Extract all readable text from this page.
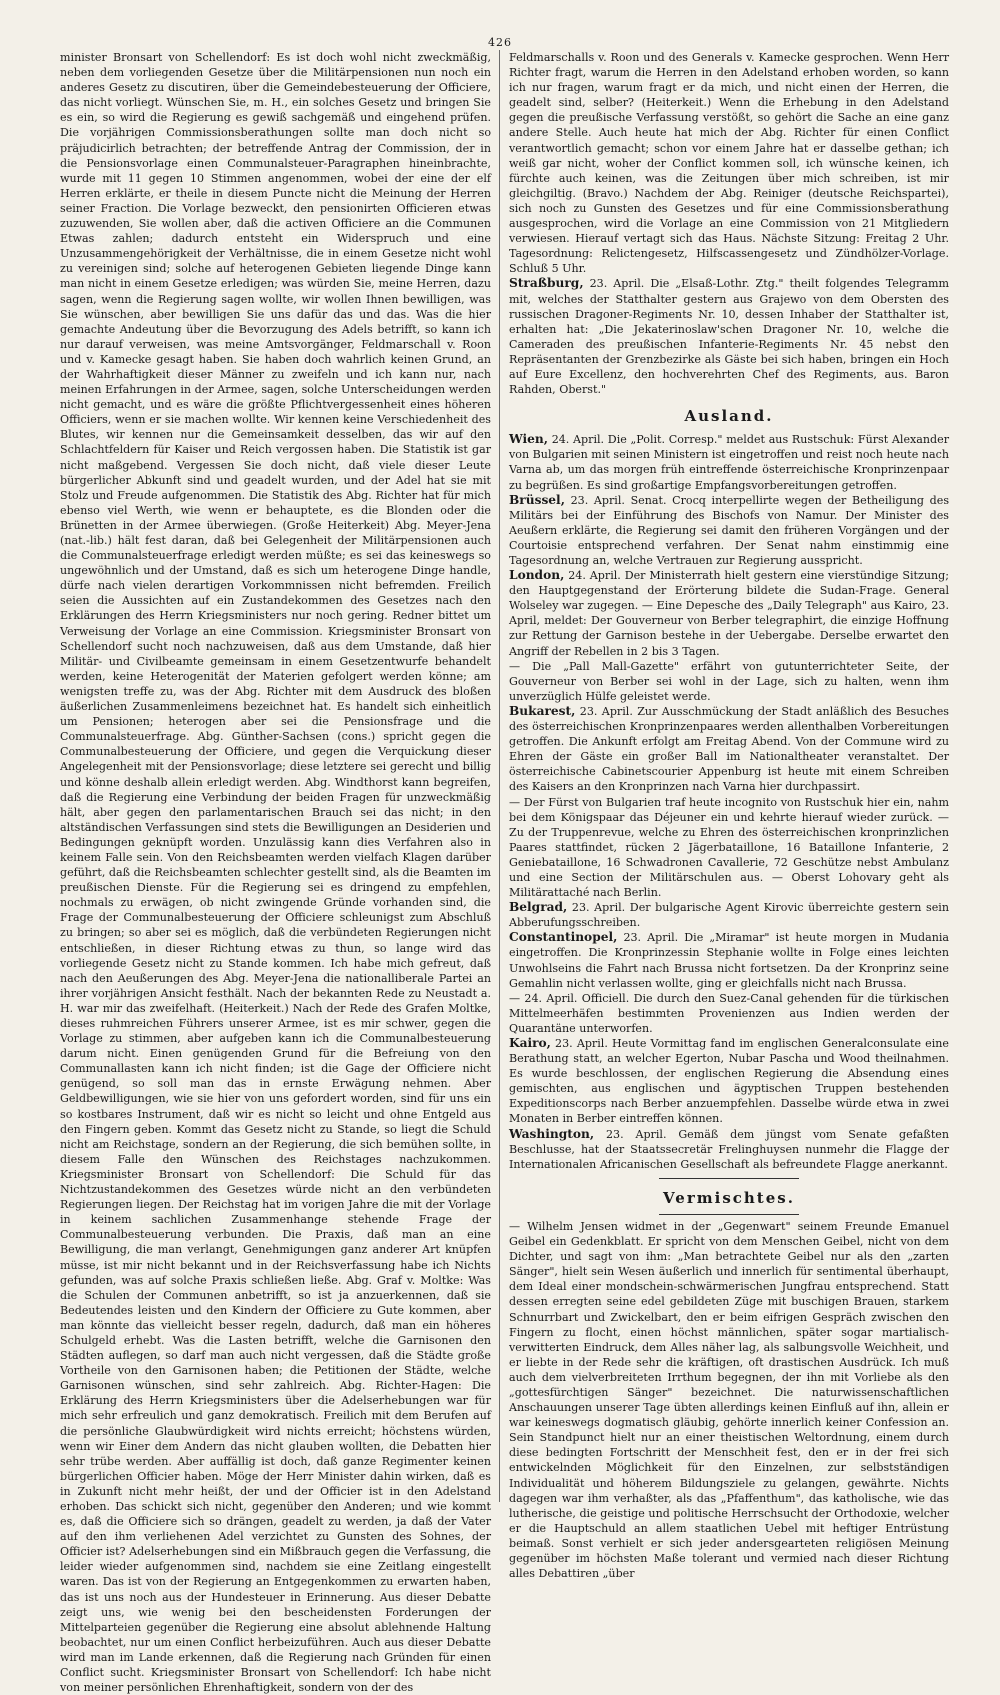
426

minister Bronsart von Schellendorf: Es ist doch wohl nicht zweckmäßig, neben dem vorliegenden Gesetze über die Militärpensionen nun noch ein anderes Gesetz zu discutiren, über die Gemeindebesteuerung der Officiere, das nicht vorliegt. Wünschen Sie, m. H., ein solches Gesetz und bringen Sie es ein, so wird die Regierung es gewiß sachgemäß und eingehend prüfen. Die vorjährigen Commissionsberathungen sollte man doch nicht so präjudicirlich betrachten; der betreffende Antrag der Commission, der in die Pensionsvorlage einen Communalsteuer-Paragraphen hineinbrachte, wurde mit 11 gegen 10 Stimmen angenommen, wobei der eine der elf Herren erklärte, er theile in diesem Puncte nicht die Meinung der Herren seiner Fraction. Die Vorlage bezweckt, den pensionirten Officieren etwas zuzuwenden, Sie wollen aber, daß die activen Officiere an die Communen Etwas zahlen; dadurch entsteht ein Widerspruch und eine Unzusammengehörigkeit der Verhältnisse, die in einem Gesetze nicht wohl zu vereinigen sind; solche auf heterogenen Gebieten liegende Dinge kann man nicht in einem Gesetze erledigen; was würden Sie, meine Herren, dazu sagen, wenn die Regierung sagen wollte, wir wollen Ihnen bewilligen, was Sie wünschen, aber bewilligen Sie uns dafür das und das. Was die hier gemachte Andeutung über die Bevorzugung des Adels betrifft, so kann ich nur darauf verweisen, was meine Amtsvorgänger, Feldmarschall v. Roon und v. Kamecke gesagt haben. Sie haben doch wahrlich keinen Grund, an der Wahrhaftigkeit dieser Männer zu zweifeln und ich kann nur, nach meinen Erfahrungen in der Armee, sagen, solche Unterscheidungen werden nicht gemacht, und es wäre die größte Pflichtvergessenheit eines höheren Officiers, wenn er sie machen wollte. Wir kennen keine Verschiedenheit des Blutes, wir kennen nur die Gemeinsamkeit desselben, das wir auf den Schlachtfeldern für Kaiser und Reich vergossen haben. Die Statistik ist gar nicht maßgebend. Vergessen Sie doch nicht, daß viele dieser Leute bürgerlicher Abkunft sind und geadelt wurden, und der Adel hat sie mit Stolz und Freude aufgenommen. Die Statistik des Abg. Richter hat für mich ebenso viel Werth, wie wenn er behauptete, es die Blonden oder die Brünetten in der Armee überwiegen. (Große Heiterkeit) Abg. Meyer-Jena (nat.-lib.) hält fest daran, daß bei Gelegenheit der Militärpensionen auch die Communalsteuerfrage erledigt werden müßte; es sei das keineswegs so ungewöhnlich und der Umstand, daß es sich um heterogene Dinge handle, dürfe nach vielen derartigen Vorkommnissen nicht befremden. Freilich seien die Aussichten auf ein Zustandekommen des Gesetzes nach den Erklärungen des Herrn Kriegsministers nur noch gering. Redner bittet um Verweisung der Vorlage an eine Commission. Kriegsminister Bronsart von Schellendorf sucht noch nachzuweisen, daß aus dem Umstande, daß hier Militär- und Civilbeamte gemeinsam in einem Gesetzentwurfe behandelt werden, keine Heterogenität der Materien gefolgert werden könne; am wenigsten treffe zu, was der Abg. Richter mit dem Ausdruck des bloßen äußerlichen Zusammenleimens bezeichnet hat. Es handelt sich einheitlich um Pensionen; heterogen aber sei die Pensionsfrage und die Communalsteuerfrage. Abg. Günther-Sachsen (cons.) spricht gegen die Communalbesteuerung der Officiere, und gegen die Verquickung dieser Angelegenheit mit der Pensionsvorlage; diese letztere sei gerecht und billig und könne deshalb allein erledigt werden. Abg. Windthorst kann begreifen, daß die Regierung eine Verbindung der beiden Fragen für unzweckmäßig hält, aber gegen den parlamentarischen Brauch sei das nicht; in den altständischen Verfassungen sind stets die Bewilligungen an Desiderien und Bedingungen geknüpft worden. Unzulässig kann dies Verfahren also in keinem Falle sein. Von den Reichsbeamten werden vielfach Klagen darüber geführt, daß die Reichsbeamten schlechter gestellt sind, als die Beamten im preußischen Dienste. Für die Regierung sei es dringend zu empfehlen, nochmals zu erwägen, ob nicht zwingende Gründe vorhanden sind, die Frage der Communalbesteuerung der Officiere schleunigst zum Abschluß zu bringen; so aber sei es möglich, daß die verbündeten Regierungen nicht entschließen, in dieser Richtung etwas zu thun, so lange wird das vorliegende Gesetz nicht zu Stande kommen. Ich habe mich gefreut, daß nach den Aeußerungen des Abg. Meyer-Jena die nationalliberale Partei an ihrer vorjährigen Ansicht festhält. Nach der bekannten Rede zu Neustadt a. H. war mir das zweifelhaft. (Heiterkeit.) Nach der Rede des Grafen Moltke, dieses ruhmreichen Führers unserer Armee, ist es mir schwer, gegen die Vorlage zu stimmen, aber aufgeben kann ich die Communalbesteuerung darum nicht. Einen genügenden Grund für die Befreiung von den Communallasten kann ich nicht finden; ist die Gage der Officiere nicht genügend, so soll man das in ernste Erwägung nehmen. Aber Geldbewilligungen, wie sie hier von uns gefordert worden, sind für uns ein so kostbares Instrument, daß wir es nicht so leicht und ohne Entgeld aus den Fingern geben. Kommt das Gesetz nicht zu Stande, so liegt die Schuld nicht am Reichstage, sondern an der Regierung, die sich bemühen sollte, in diesem Falle den Wünschen des Reichstages nachzukommen. Kriegsminister Bronsart von Schellendorf: Die Schuld für das Nichtzustandekommen des Gesetzes würde nicht an den verbündeten Regierungen liegen. Der Reichstag hat im vorigen Jahre die mit der Vorlage in keinem sachlichen Zusammenhange stehende Frage der Communalbesteuerung verbunden. Die Praxis, daß man an eine Bewilligung, die man verlangt, Genehmigungen ganz anderer Art knüpfen müsse, ist mir nicht bekannt und in der Reichsverfassung habe ich Nichts gefunden, was auf solche Praxis schließen ließe. Abg. Graf v. Moltke: Was die Schulen der Communen anbetrifft, so ist ja anzuerkennen, daß sie Bedeutendes leisten und den Kindern der Officiere zu Gute kommen, aber man könnte das vielleicht besser regeln, dadurch, daß man ein höheres Schulgeld erhebt. Was die Lasten betrifft, welche die Garnisonen den Städten auflegen, so darf man auch nicht vergessen, daß die Städte große Vortheile von den Garnisonen haben; die Petitionen der Städte, welche Garnisonen wünschen, sind sehr zahlreich. Abg. Richter-Hagen: Die Erklärung des Herrn Kriegsministers über die Adelserhebungen war für mich sehr erfreulich und ganz demokratisch. Freilich mit dem Berufen auf die persönliche Glaubwürdigkeit wird nichts erreicht; höchstens würden, wenn wir Einer dem Andern das nicht glauben wollten, die Debatten hier sehr trübe werden. Aber auffällig ist doch, daß ganze Regimenter keinen bürgerlichen Officier haben. Möge der Herr Minister dahin wirken, daß es in Zukunft nicht mehr heißt, der und der Officier ist in den Adelstand erhoben. Das schickt sich nicht, gegenüber den Anderen; und wie kommt es, daß die Officiere sich so drängen, geadelt zu werden, ja daß der Vater auf den ihm verliehenen Adel verzichtet zu Gunsten des Sohnes, der Officier ist? Adelserhebungen sind ein Mißbrauch gegen die Verfassung, die leider wieder aufgenommen sind, nachdem sie eine Zeitlang eingestellt waren. Das ist von der Regierung an Entgegenkommen zu erwarten haben, das ist uns noch aus der Hundesteuer in Erinnerung. Aus dieser Debatte zeigt uns, wie wenig bei den bescheidensten Forderungen der Mittelparteien gegenüber die Regierung eine absolut ablehnende Haltung beobachtet, nur um einen Conflict herbeizuführen. Auch aus dieser Debatte wird man im Lande erkennen, daß die Regierung nach Gründen für einen Conflict sucht. Kriegsminister Bronsart von Schellendorf: Ich habe nicht von meiner persönlichen Ehrenhaftigkeit, sondern von der des

Feldmarschalls v. Roon und des Generals v. Kamecke gesprochen. Wenn Herr Richter fragt, warum die Herren in den Adelstand erhoben worden, so kann ich nur fragen, warum fragt er da mich, und nicht einen der Herren, die geadelt sind, selber? (Heiterkeit.) Wenn die Erhebung in den Adelstand gegen die preußische Verfassung verstößt, so gehört die Sache an eine ganz andere Stelle. Auch heute hat mich der Abg. Richter für einen Conflict verantwortlich gemacht; schon vor einem Jahre hat er dasselbe gethan; ich weiß gar nicht, woher der Conflict kommen soll, ich wünsche keinen, ich fürchte auch keinen, was die Zeitungen über mich schreiben, ist mir gleichgiltig. (Bravo.) Nachdem der Abg. Reiniger (deutsche Reichspartei), sich noch zu Gunsten des Gesetzes und für eine Commissionsberathung ausgesprochen, wird die Vorlage an eine Commission von 21 Mitgliedern verwiesen. Hierauf vertagt sich das Haus. Nächste Sitzung: Freitag 2 Uhr. Tagesordnung: Relictengesetz, Hilfscassengesetz und Zündhölzer-Vorlage. Schluß 5 Uhr.

Straßburg, 23. April. Die „Elsaß-Lothr. Ztg." theilt folgendes Telegramm mit, welches der Statthalter gestern aus Grajewo von dem Obersten des russischen Dragoner-Regiments Nr. 10, dessen Inhaber der Statthalter ist, erhalten hat: „Die Jekaterinoslaw'schen Dragoner Nr. 10, welche die Cameraden des preußischen Infanterie-Regiments Nr. 45 nebst den Repräsentanten der Grenzbezirke als Gäste bei sich haben, bringen ein Hoch auf Eure Excellenz, den hochverehrten Chef des Regiments, aus. Baron Rahden, Oberst."

Ausland.

Wien, 24. April. Die „Polit. Corresp." meldet aus Rustschuk: Fürst Alexander von Bulgarien mit seinen Ministern ist eingetroffen und reist noch heute nach Varna ab, um das morgen früh eintreffende österreichische Kronprinzenpaar zu begrüßen. Es sind großartige Empfangsvorbereitungen getroffen.

Brüssel, 23. April. Senat. Crocq interpellirte wegen der Betheiligung des Militärs bei der Einführung des Bischofs von Namur. Der Minister des Aeußern erklärte, die Regierung sei damit den früheren Vorgängen und der Courtoisie entsprechend verfahren. Der Senat nahm einstimmig eine Tagesordnung an, welche Vertrauen zur Regierung ausspricht.

London, 24. April. Der Ministerrath hielt gestern eine vierstündige Sitzung; den Hauptgegenstand der Erörterung bildete die Sudan-Frage. General Wolseley war zugegen. — Eine Depesche des „Daily Telegraph" aus Kairo, 23. April, meldet: Der Gouverneur von Berber telegraphirt, die einzige Hoffnung zur Rettung der Garnison bestehe in der Uebergabe. Derselbe erwartet den Angriff der Rebellen in 2 bis 3 Tagen.

— Die „Pall Mall-Gazette" erfährt von gutunterrichteter Seite, der Gouverneur von Berber sei wohl in der Lage, sich zu halten, wenn ihm unverzüglich Hülfe geleistet werde.

Bukarest, 23. April. Zur Ausschmückung der Stadt anläßlich des Besuches des österreichischen Kronprinzenpaares werden allenthalben Vorbereitungen getroffen. Die Ankunft erfolgt am Freitag Abend. Von der Commune wird zu Ehren der Gäste ein großer Ball im Nationaltheater veranstaltet. Der österreichische Cabinetscourier Appenburg ist heute mit einem Schreiben des Kaisers an den Kronprinzen nach Varna hier durchpassirt.

— Der Fürst von Bulgarien traf heute incognito von Rustschuk hier ein, nahm bei dem Königspaar das Déjeuner ein und kehrte hierauf wieder zurück. — Zu der Truppenrevue, welche zu Ehren des österreichischen kronprinzlichen Paares stattfindet, rücken 2 Jägerbataillone, 16 Bataillone Infanterie, 2 Geniebataillone, 16 Schwadronen Cavallerie, 72 Geschütze nebst Ambulanz und eine Section der Militärschulen aus. — Oberst Lohovary geht als Militärattaché nach Berlin.

Belgrad, 23. April. Der bulgarische Agent Kirovic überreichte gestern sein Abberufungsschreiben.

Constantinopel, 23. April. Die „Miramar" ist heute morgen in Mudania eingetroffen. Die Kronprinzessin Stephanie wollte in Folge eines leichten Unwohlseins die Fahrt nach Brussa nicht fortsetzen. Da der Kronprinz seine Gemahlin nicht verlassen wollte, ging er gleichfalls nicht nach Brussa.

— 24. April. Officiell. Die durch den Suez-Canal gehenden für die türkischen Mittelmeerhäfen bestimmten Provenienzen aus Indien werden der Quarantäne unterworfen.

Kairo, 23. April. Heute Vormittag fand im englischen Generalconsulate eine Berathung statt, an welcher Egerton, Nubar Pascha und Wood theilnahmen. Es wurde beschlossen, der englischen Regierung die Absendung eines gemischten, aus englischen und ägyptischen Truppen bestehenden Expeditionscorps nach Berber anzuempfehlen. Dasselbe würde etwa in zwei Monaten in Berber eintreffen können.

Washington, 23. April. Gemäß dem jüngst vom Senate gefaßten Beschlusse, hat der Staatssecretär Frelinghuysen nunmehr die Flagge der Internationalen Africanischen Gesellschaft als befreundete Flagge anerkannt.

Vermischtes.

— Wilhelm Jensen widmet in der „Gegenwart" seinem Freunde Emanuel Geibel ein Gedenkblatt. Er spricht von dem Menschen Geibel, nicht von dem Dichter, und sagt von ihm: „Man betrachtete Geibel nur als den „zarten Sänger", hielt sein Wesen äußerlich und innerlich für sentimental überhaupt, dem Ideal einer mondschein-schwärmerischen Jungfrau entsprechend. Statt dessen erregten seine edel gebildeten Züge mit buschigen Brauen, starkem Schnurrbart und Zwickelbart, den er beim eifrigen Gespräch zwischen den Fingern zu flocht, einen höchst männlichen, später sogar martialisch-verwitterten Eindruck, dem Alles näher lag, als salbungsvolle Weichheit, und er liebte in der Rede sehr die kräftigen, oft drastischen Ausdrück. Ich muß auch dem vielverbreiteten Irrthum begegnen, der ihn mit Vorliebe als den „gottesfürchtigen Sänger" bezeichnet. Die naturwissenschaftlichen Anschauungen unserer Tage übten allerdings keinen Einfluß auf ihn, allein er war keineswegs dogmatisch gläubig, gehörte innerlich keiner Confession an. Sein Standpunct hielt nur an einer theistischen Weltordnung, einem durch diese bedingten Fortschritt der Menschheit fest, den er in der frei sich entwickelnden Möglichkeit für den Einzelnen, zur selbstständigen Individualität und höherem Bildungsziele zu gelangen, gewährte. Nichts dagegen war ihm verhaßter, als das „Pfaffenthum", das katholische, wie das lutherische, die geistige und politische Herrschsucht der Orthodoxie, welcher er die Hauptschuld an allem staatlichen Uebel mit heftiger Entrüstung beimaß. Sonst verhielt er sich jeder andersgearteten religiösen Meinung gegenüber im höchsten Maße tolerant und vermied nach dieser Richtung alles Debattiren „über
